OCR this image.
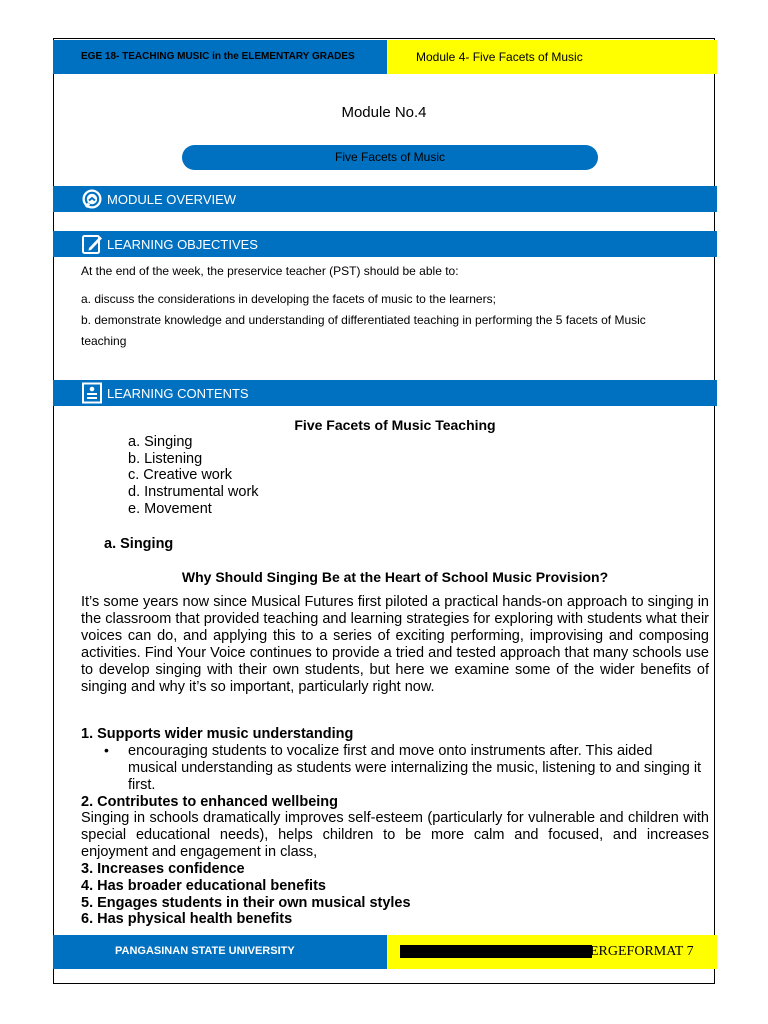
EGE 18- TEACHING MUSIC in the ELEMENTARY GRADES	Module 4- Five Facets of Music
Module No.4
Five Facets of Music
MODULE OVERVIEW
LEARNING OBJECTIVES
At the end of the week, the preservice teacher (PST) should be able to:
a. discuss the considerations in developing the facets of music to the learners;
b. demonstrate knowledge and understanding of differentiated teaching in performing the 5 facets of Music
teaching
LEARNING CONTENTS
Five Facets of Music Teaching
a. Singing
b. Listening
c. Creative work
d. Instrumental work
e. Movement
a. Singing
Why Should Singing Be at the Heart of School Music Provision?
It’s some years now since Musical Futures first piloted a practical hands-on approach to singing in the classroom that provided teaching and learning strategies for exploring with students what their voices can do, and applying this to a series of exciting performing, improvising and composing activities. Find Your Voice continues to provide a tried and tested approach that many schools use to develop singing with their own students, but here we examine some of the wider benefits of singing and why it’s so important, particularly right now.
1. Supports wider music understanding
• encouraging students to vocalize first and move onto instruments after. This aided musical understanding as students were internalizing the music, listening to and singing it first.
2. Contributes to enhanced wellbeing
Singing in schools dramatically improves self-esteem (particularly for vulnerable and children with special educational needs), helps children to be more calm and focused, and increases enjoyment and engagement in class,
3. Increases confidence
4. Has broader educational benefits
5. Engages students in their own musical styles
6. Has physical health benefits
PANGASINAN STATE UNIVERSITY	ERGEFORMAT 7
